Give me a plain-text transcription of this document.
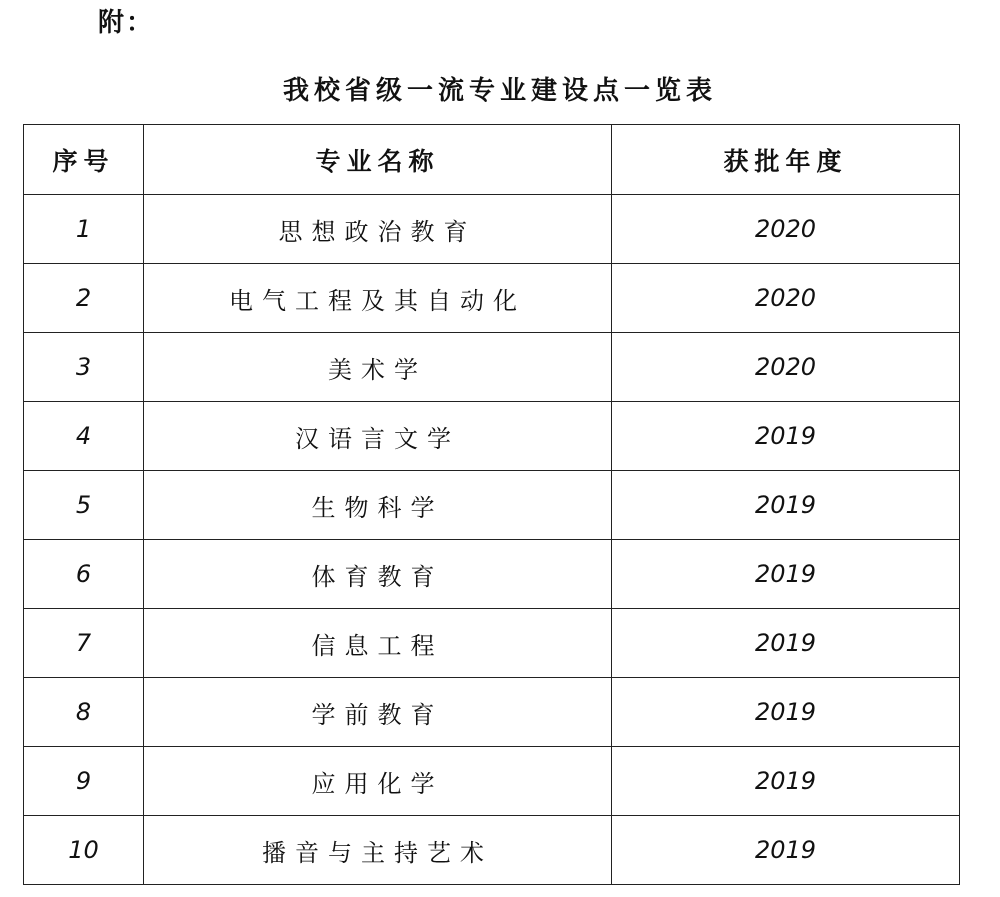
附：
我校省级一流专业建设点一览表
序号	专业名称	获批年度
1	思想政治教育	2020
2	电气工程及其自动化	2020
3	美术学	2020
4	汉语言文学	2019
5	生物科学	2019
6	体育教育	2019
7	信息工程	2019
8	学前教育	2019
9	应用化学	2019
10	播音与主持艺术	2019
